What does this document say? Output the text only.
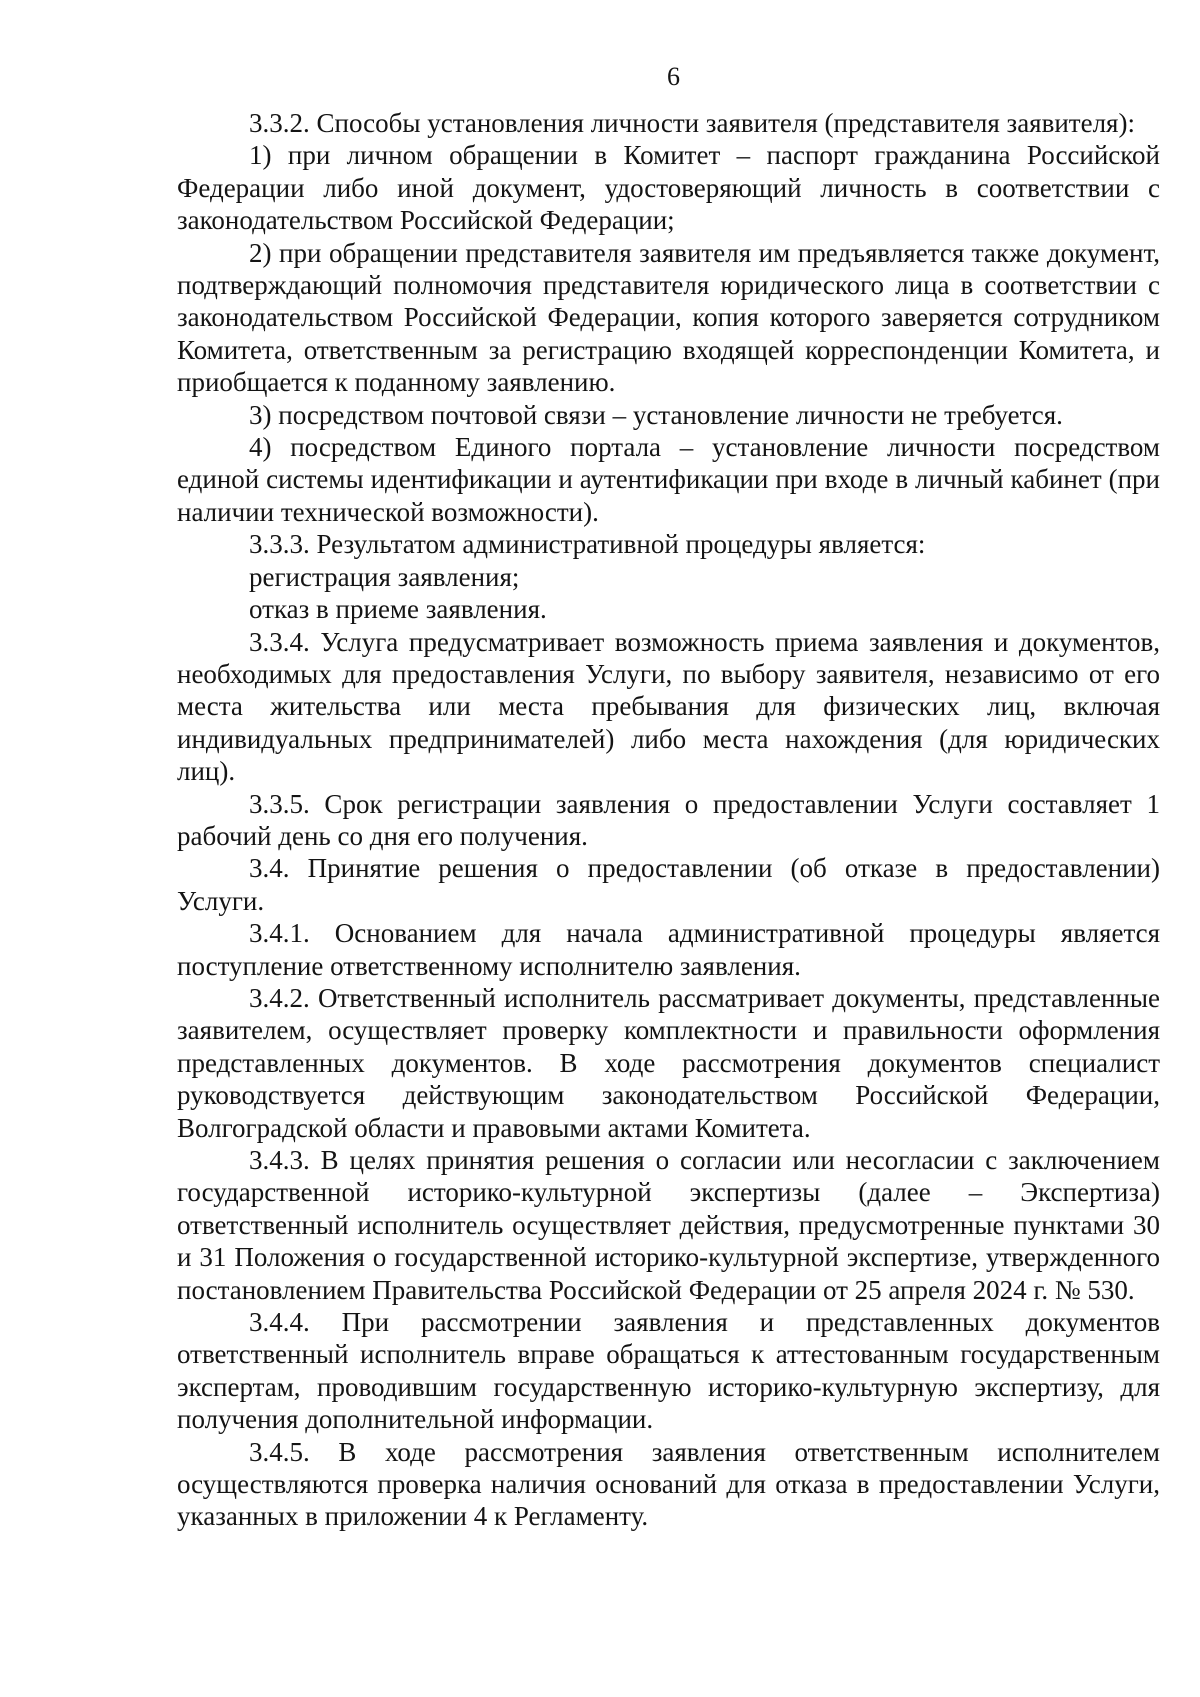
6

3.3.2. Способы установления личности заявителя (представителя заявителя):

1) при личном обращении в Комитет – паспорт гражданина Российской Федерации либо иной документ, удостоверяющий личность в соответствии с законодательством Российской Федерации;

2) при обращении представителя заявителя им предъявляется также документ, подтверждающий полномочия представителя юридического лица в соответствии с законодательством Российской Федерации, копия которого заверяется сотрудником Комитета, ответственным за регистрацию входящей корреспонденции Комитета, и приобщается к поданному заявлению.

3) посредством почтовой связи – установление личности не требуется.

4) посредством Единого портала – установление личности посредством единой системы идентификации и аутентификации при входе в личный кабинет (при наличии технической возможности).

3.3.3. Результатом административной процедуры является:

регистрация заявления;

отказ в приеме заявления.

3.3.4. Услуга предусматривает возможность приема заявления и документов, необходимых для предоставления Услуги, по выбору заявителя, независимо от его места жительства или места пребывания для физических лиц, включая индивидуальных предпринимателей) либо места нахождения (для юридических лиц).

3.3.5. Срок регистрации заявления о предоставлении Услуги составляет 1 рабочий день со дня его получения.

3.4. Принятие решения о предоставлении (об отказе в предоставлении) Услуги.

3.4.1. Основанием для начала административной процедуры является поступление ответственному исполнителю заявления.

3.4.2. Ответственный исполнитель рассматривает документы, представленные заявителем, осуществляет проверку комплектности и правильности оформления представленных документов. В ходе рассмотрения документов специалист руководствуется действующим законодательством Российской Федерации, Волгоградской области и правовыми актами Комитета.

3.4.3. В целях принятия решения о согласии или несогласии с заключением государственной историко-культурной экспертизы (далее – Экспертиза) ответственный исполнитель осуществляет действия, предусмотренные пунктами 30 и 31 Положения о государственной историко-культурной экспертизе, утвержденного постановлением Правительства Российской Федерации от 25 апреля 2024 г. № 530.

3.4.4. При рассмотрении заявления и представленных документов ответственный исполнитель вправе обращаться к аттестованным государственным экспертам, проводившим государственную историко-культурную экспертизу, для получения дополнительной информации.

3.4.5. В ходе рассмотрения заявления ответственным исполнителем осуществляются проверка наличия оснований для отказа в предоставлении Услуги, указанных в приложении 4 к Регламенту.
